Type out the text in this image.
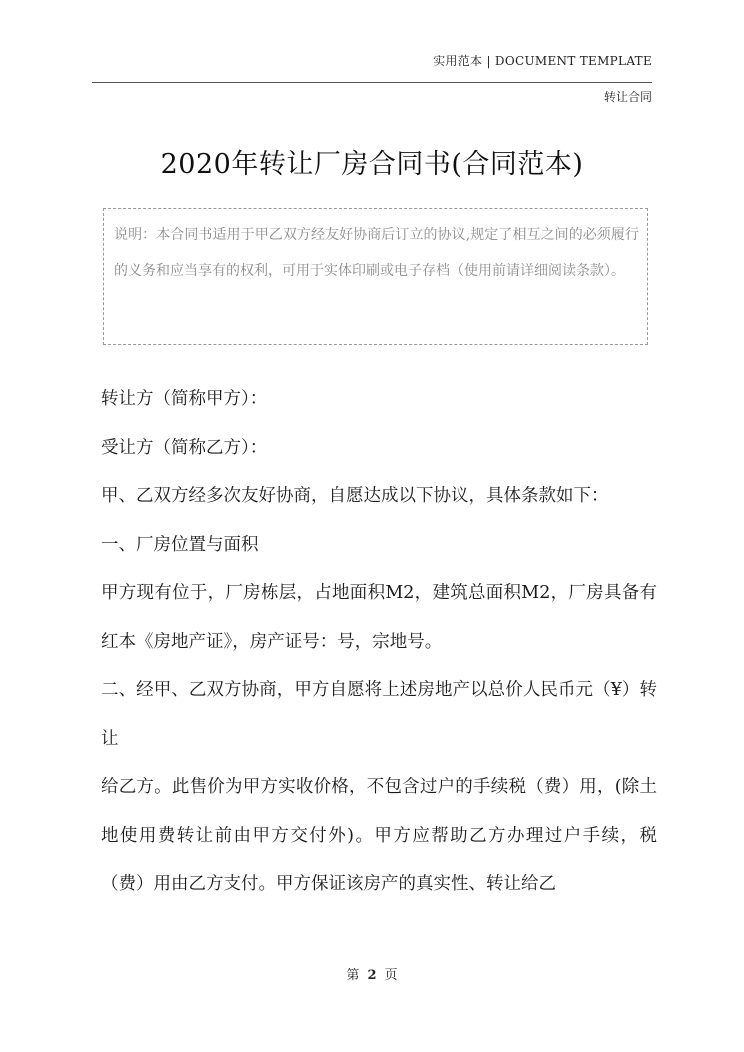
实用范本 | DOCUMENT TEMPLATE
转让合同
2020年转让厂房合同书(合同范本)
说明：本合同书适用于甲乙双方经友好协商后订立的协议,规定了相互之间的必须履行的义务和应当享有的权利，可用于实体印刷或电子存档（使用前请详细阅读条款）。

转让方（简称甲方）：

受让方（简称乙方）：

甲、乙双方经多次友好协商，自愿达成以下协议，具体条款如下：

一、厂房位置与面积

甲方现有位于，厂房栋层，占地面积M2，建筑总面积M2，厂房具备有红本《房地产证》，房产证号：号，宗地号。

二、经甲、乙双方协商，甲方自愿将上述房地产以总价人民币元（¥）转让

给乙方。此售价为甲方实收价格，不包含过户的手续税（费）用，(除土地使用费转让前由甲方交付外)。甲方应帮助乙方办理过户手续，税（费）用由乙方支付。甲方保证该房产的真实性、转让给乙

第 2 页
